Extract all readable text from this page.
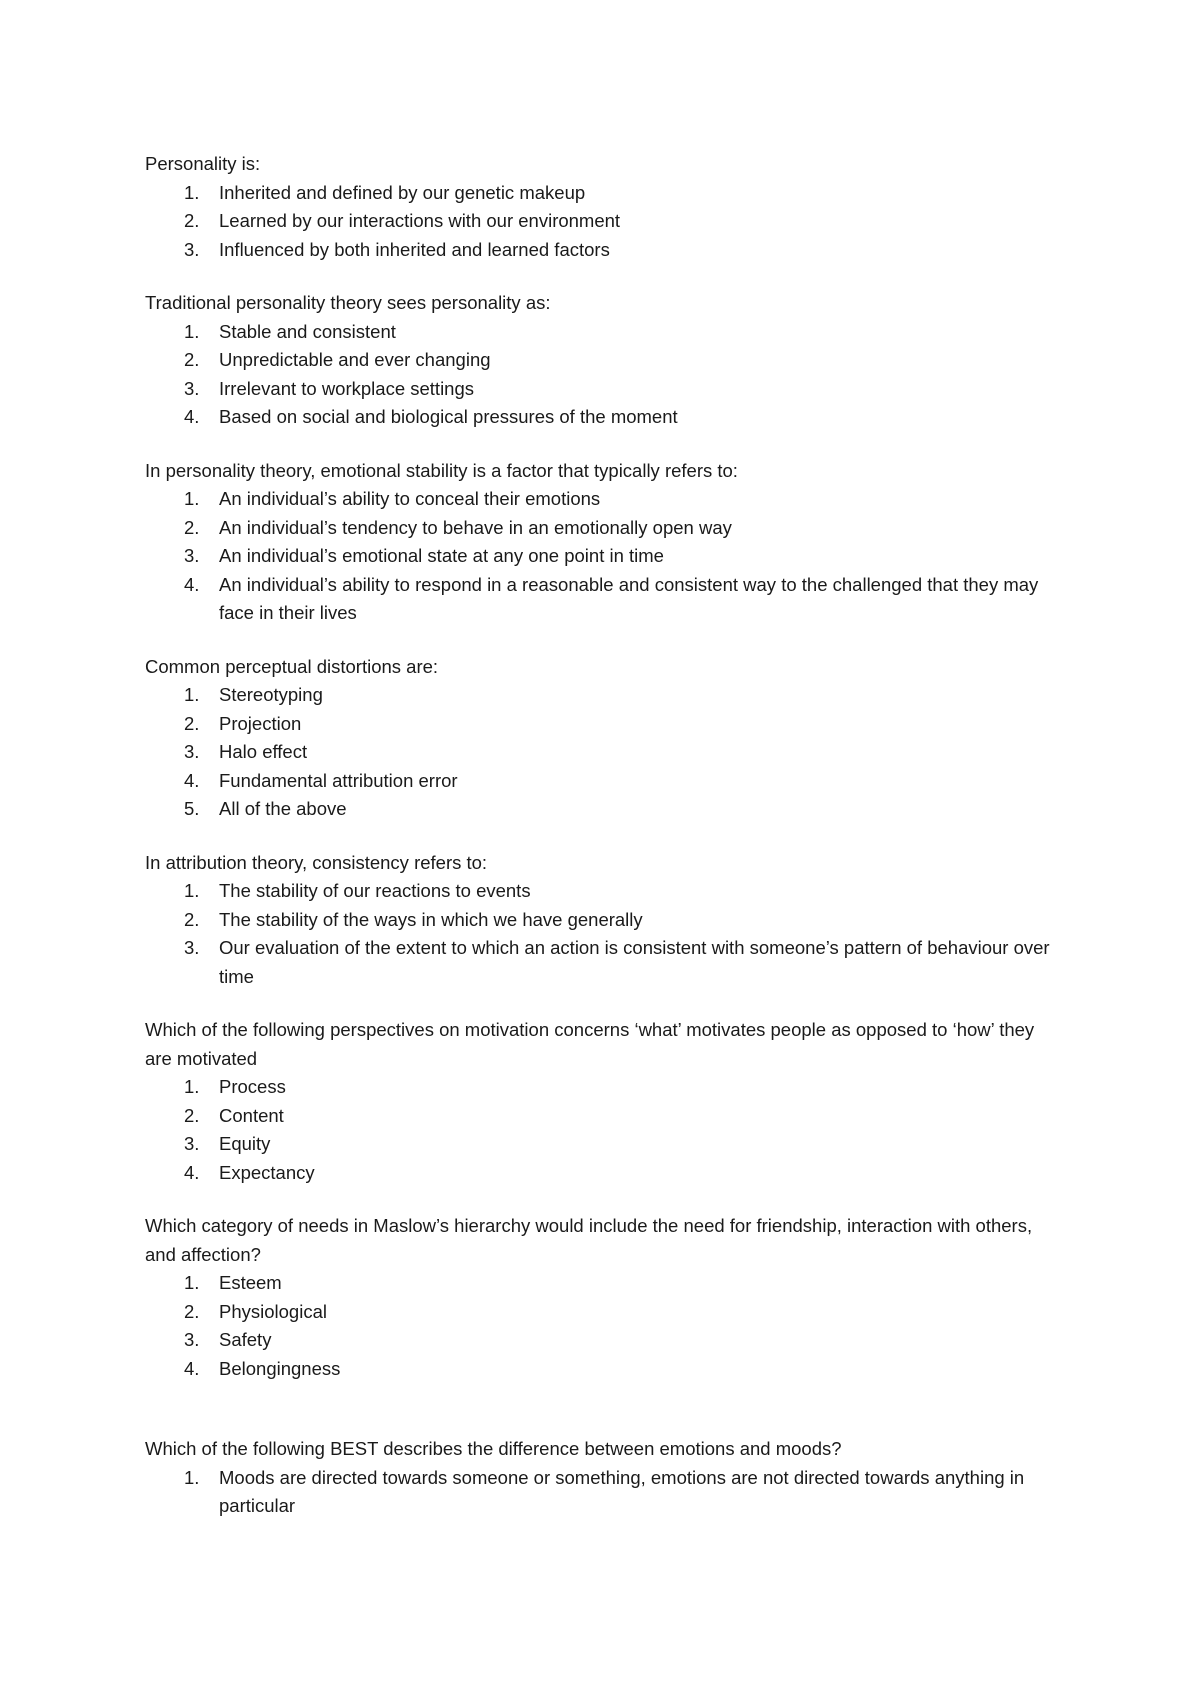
Personality is:

1. Inherited and defined by our genetic makeup
2. Learned by our interactions with our environment
3. Influenced by both inherited and learned factors

Traditional personality theory sees personality as:

1. Stable and consistent
2. Unpredictable and ever changing
3. Irrelevant to workplace settings
4. Based on social and biological pressures of the moment

In personality theory, emotional stability is a factor that typically refers to:

1. An individual’s ability to conceal their emotions
2. An individual’s tendency to behave in an emotionally open way
3. An individual’s emotional state at any one point in time
4. An individual’s ability to respond in a reasonable and consistent way to the challenged that they may face in their lives

Common perceptual distortions are:

1. Stereotyping
2. Projection
3. Halo effect
4. Fundamental attribution error
5. All of the above

In attribution theory, consistency refers to:

1. The stability of our reactions to events
2. The stability of the ways in which we have generally
3. Our evaluation of the extent to which an action is consistent with someone’s pattern of behaviour over time

Which of the following perspectives on motivation concerns ‘what’ motivates people as opposed to ‘how’ they are motivated

1. Process
2. Content
3. Equity
4. Expectancy

Which category of needs in Maslow’s hierarchy would include the need for friendship, interaction with others, and affection?

1. Esteem
2. Physiological
3. Safety
4. Belongingness

Which of the following BEST describes the difference between emotions and moods?

1. Moods are directed towards someone or something, emotions are not directed towards anything in particular
